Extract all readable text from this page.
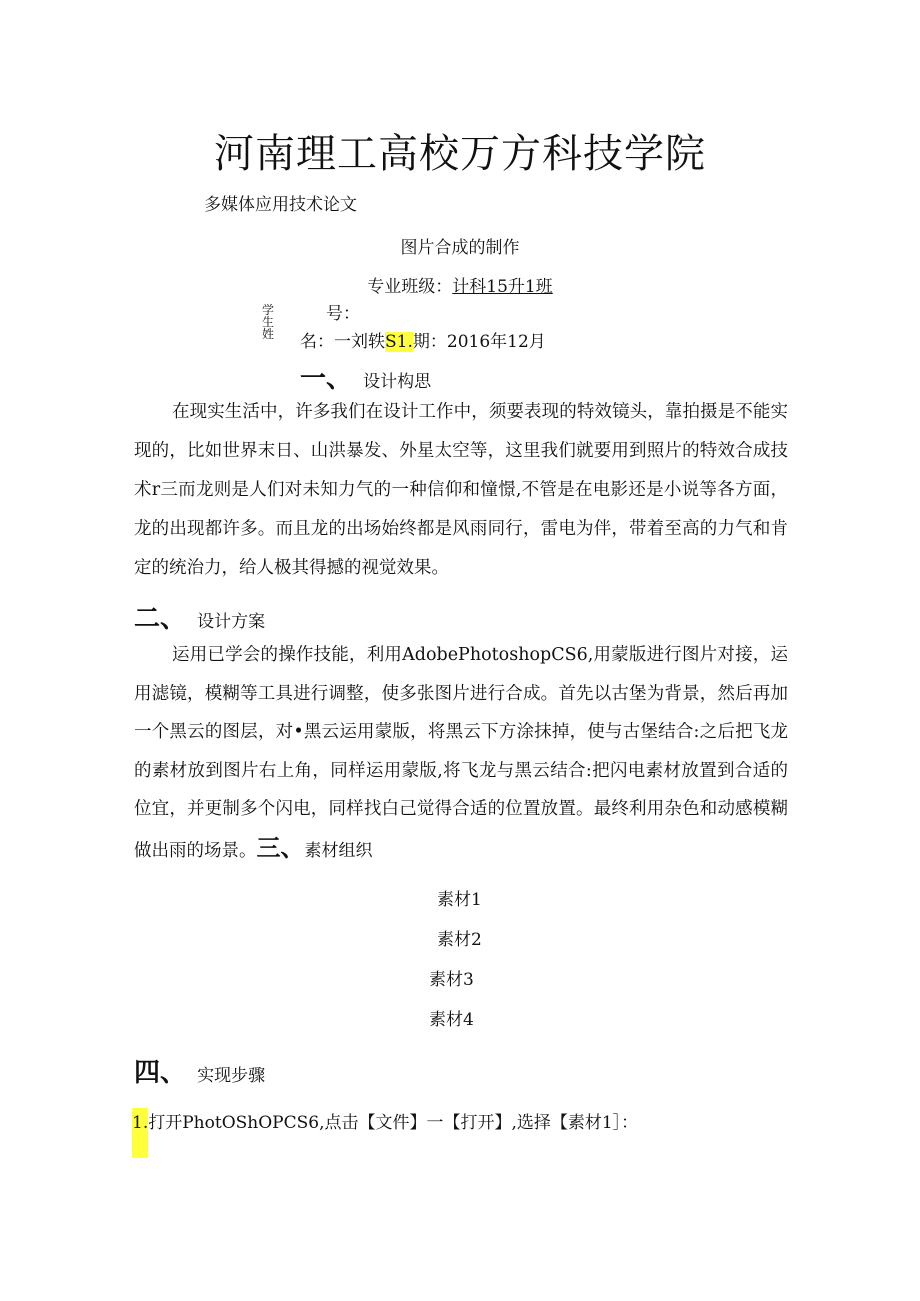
河南理工高校万方科技学院
多媒体应用技术论文
图片合成的制作
专业班级：计科15升1班
号：
学生姓 名：一刘轶S1.期：2016年12月
一、 设计构思

在现实生活中，许多我们在设计工作中，须要表现的特效镜头，靠拍摄是不能实现的，比如世界末日、山洪暴发、外星太空等，这里我们就要用到照片的特效合成技术r三而龙则是人们对未知力气的一种信仰和憧憬,不管是在电影还是小说等各方面，龙的出现都许多。而且龙的出场始终都是风雨同行，雷电为伴，带着至高的力气和肯定的统治力，给人极其得撼的视觉效果。

二、 设计方案

运用已学会的操作技能，利用AdobePhotoshopCS6,用蒙版进行图片对接，运用滤镜，模糊等工具进行调整，使多张图片进行合成。首先以古堡为背景，然后再加一个黑云的图层，对•黑云运用蒙版，将黑云下方涂抹掉，使与古堡结合:之后把飞龙的素材放到图片右上角，同样运用蒙版,将飞龙与黑云结合:把闪电素材放置到合适的位宜，并更制多个闪电，同样找白己觉得合适的位置放置。最终利用杂色和动感模糊做出雨的场景。三、素材组织

素材1
素材2
素材3
素材4
四、 实现步骤
1.打开PhotOShOPCS6,点击【文件】一【打开】,选择【素材1］：
